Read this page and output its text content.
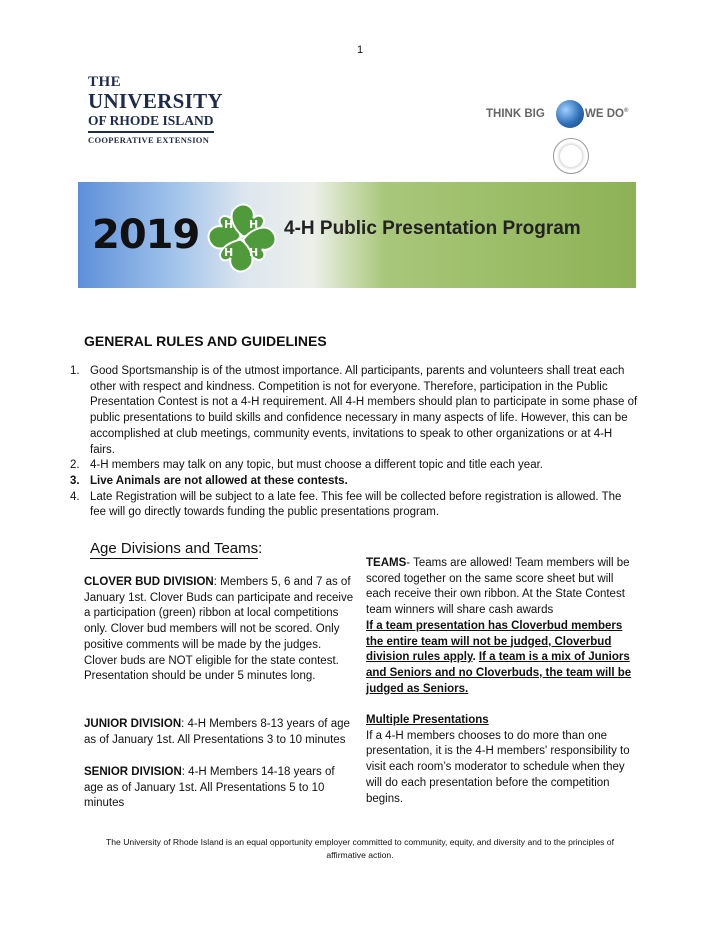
1
THE
UNIVERSITY
OF RHODE ISLAND
COOPERATIVE EXTENSION
THINK BIG	WE DO®
2019 H H
H H
4-H Public Presentation Program
GENERAL RULES AND GUIDELINES
1. Good Sportsmanship is of the utmost importance. All participants, parents and volunteers shall treat each other with respect and kindness. Competition is not for everyone. Therefore, participation in the Public Presentation Contest is not a 4-H requirement. All 4-H members should plan to participate in some phase of public presentations to build skills and confidence necessary in many aspects of life. However, this can be accomplished at club meetings, community events, invitations to speak to other organizations or at 4-H fairs.
2. 4-H members may talk on any topic, but must choose a different topic and title each year.
3. Live Animals are not allowed at these contests.
4. Late Registration will be subject to a late fee. This fee will be collected before registration is allowed. The fee will go directly towards funding the public presentations program.
Age Divisions and Teams:
CLOVER BUD DIVISION: Members 5, 6 and 7 as of January 1st. Clover Buds can participate and receive a participation (green) ribbon at local competitions only. Clover bud members will not be scored. Only positive comments will be made by the judges. Clover buds are NOT eligible for the state contest. Presentation should be under 5 minutes long.
JUNIOR DIVISION: 4-H Members 8-13 years of age as of January 1st. All Presentations 3 to 10 minutes
SENIOR DIVISION: 4-H Members 14-18 years of age as of January 1st. All Presentations 5 to 10 minutes
TEAMS- Teams are allowed! Team members will be scored together on the same score sheet but will each receive their own ribbon. At the State Contest team winners will share cash awards
If a team presentation has Cloverbud members the entire team will not be judged, Cloverbud division rules apply. If a team is a mix of Juniors and Seniors and no Cloverbuds, the team will be judged as Seniors.
Multiple Presentations
If a 4-H members chooses to do more than one presentation, it is the 4-H members' responsibility to visit each room’s moderator to schedule when they will do each presentation before the competition begins.
The University of Rhode Island is an equal opportunity employer committed to community, equity, and diversity and to the principles of affirmative action.
